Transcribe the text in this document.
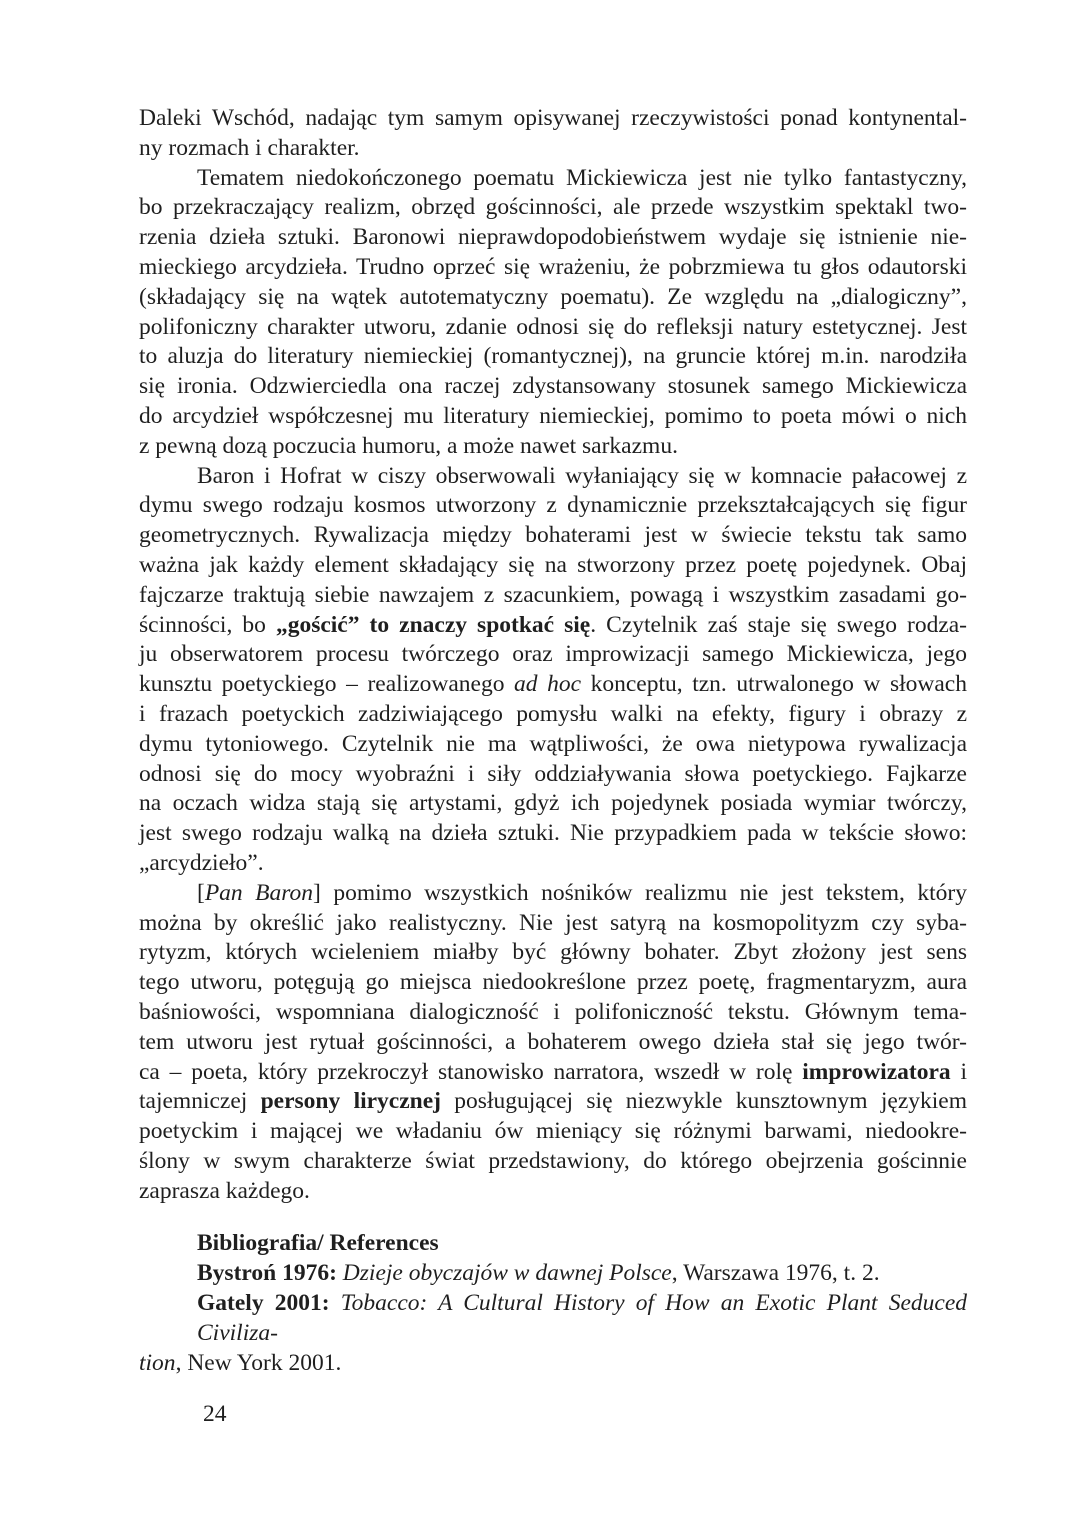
Daleki Wschód, nadając tym samym opisywanej rzeczywistości ponad kontynental-
ny rozmach i charakter.
Tematem niedokończonego poematu Mickiewicza jest nie tylko fantastyczny,
bo przekraczający realizm, obrzęd gościnności, ale przede wszystkim spektakl two-
rzenia dzieła sztuki. Baronowi nieprawdopodobieństwem wydaje się istnienie nie-
mieckiego arcydzieła. Trudno oprzeć się wrażeniu, że pobrzmiewa tu głos odautorski
(składający się na wątek autotematyczny poematu). Ze względu na „dialogiczny”,
polifoniczny charakter utworu, zdanie odnosi się do refleksji natury estetycznej. Jest
to aluzja do literatury niemieckiej (romantycznej), na gruncie której m.in. narodziła
się ironia. Odzwierciedla ona raczej zdystansowany stosunek samego Mickiewicza
do arcydzieł współczesnej mu literatury niemieckiej, pomimo to poeta mówi o nich
z pewną dozą poczucia humoru, a może nawet sarkazmu.
Baron i Hofrat w ciszy obserwowali wyłaniający się w komnacie pałacowej z
dymu swego rodzaju kosmos utworzony z dynamicznie przekształcających się figur
geometrycznych. Rywalizacja między bohaterami jest w świecie tekstu tak samo
ważna jak każdy element składający się na stworzony przez poetę pojedynek. Obaj
fajczarze traktują siebie nawzajem z szacunkiem, powagą i wszystkim zasadami go-
ścinności, bo „gościć” to znaczy spotkać się. Czytelnik zaś staje się swego rodza-
ju obserwatorem procesu twórczego oraz improwizacji samego Mickiewicza, jego
kunsztu poetyckiego – realizowanego ad hoc konceptu, tzn. utrwalonego w słowach
i frazach poetyckich zadziwiającego pomysłu walki na efekty, figury i obrazy z
dymu tytoniowego. Czytelnik nie ma wątpliwości, że owa nietypowa rywalizacja
odnosi się do mocy wyobraźni i siły oddziaływania słowa poetyckiego. Fajkarze
na oczach widza stają się artystami, gdyż ich pojedynek posiada wymiar twórczy,
jest swego rodzaju walką na dzieła sztuki. Nie przypadkiem pada w tekście słowo:
„arcydzieło”.
[Pan Baron] pomimo wszystkich nośników realizmu nie jest tekstem, który
można by określić jako realistyczny. Nie jest satyrą na kosmopolityzm czy syba-
rytyzm, których wcieleniem miałby być główny bohater. Zbyt złożony jest sens
tego utworu, potęgują go miejsca niedookreślone przez poetę, fragmentaryzm, aura
baśniowości, wspomniana dialogiczność i polifoniczność tekstu. Głównym tema-
tem utworu jest rytuał gościnności, a bohaterem owego dzieła stał się jego twór-
ca – poeta, który przekroczył stanowisko narratora, wszedł w rolę improwizatora i
tajemniczej persony lirycznej posługującej się niezwykle kunsztownym językiem
poetyckim i mającej we władaniu ów mieniący się różnymi barwami, niedookre-
ślony w swym charakterze świat przedstawiony, do którego obejrzenia gościnnie
zaprasza każdego.
Bibliografia/ References
Bystroń 1976: Dzieje obyczajów w dawnej Polsce, Warszawa 1976, t. 2.
Gately 2001: Tobacco: A Cultural History of How an Exotic Plant Seduced Civiliza-
tion, New York 2001.
24
